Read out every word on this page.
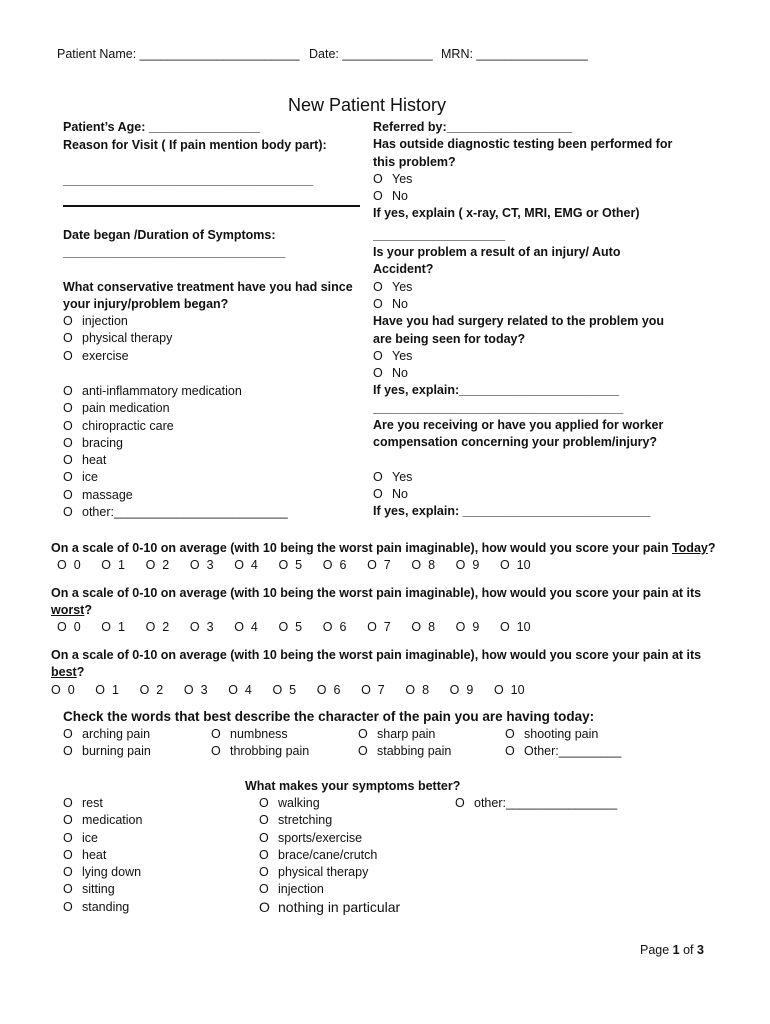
Patient Name: _______________________ Date: _____________ MRN: ________________
New Patient History
Patient’s Age: ________________
Reason for Visit ( If pain mention body part):
____________________________________
Date began /Duration of Symptoms:
________________________________
What conservative treatment have you had since
your injury/problem began?
O injection
O physical therapy
O exercise
O anti-inflammatory medication
O pain medication
O chiropractic care
O bracing
O heat
O ice
O massage
O other:_________________________
Referred by:__________________
Has outside diagnostic testing been performed for
this problem?
O Yes
O No
If yes, explain ( x-ray, CT, MRI, EMG or Other)
___________________
Is your problem a result of an injury/ Auto
Accident?
O Yes
O No
Have you had surgery related to the problem you
are being seen for today?
O Yes
O No
If yes, explain:_______________________
____________________________________
Are you receiving or have you applied for worker
compensation concerning your problem/injury?
O Yes
O No
If yes, explain: ___________________________
On a scale of 0-10 on average (with 10 being the worst pain imaginable), how would you score your pain Today?
O 0 O 1 O 2 O 3 O 4 O 5 O 6 O 7 O 8 O 9 O 10
On a scale of 0-10 on average (with 10 being the worst pain imaginable), how would you score your pain at its
worst?
O 0 O 1 O 2 O 3 O 4 O 5 O 6 O 7 O 8 O 9 O 10
On a scale of 0-10 on average (with 10 being the worst pain imaginable), how would you score your pain at its
best?
O 0 O 1 O 2 O 3 O 4 O 5 O 6 O 7 O 8 O 9 O 10
Check the words that best describe the character of the pain you are having today:
O arching pain
O burning pain
O numbness
O throbbing pain
O sharp pain
O stabbing pain
O shooting pain
O Other:_________
What makes your symptoms better?
O rest
O medication
O ice
O heat
O lying down
O sitting
O standing
O walking
O stretching
O sports/exercise
O brace/cane/crutch
O physical therapy
O injection
O nothing in particular
O other:________________
Page 1 of 3
